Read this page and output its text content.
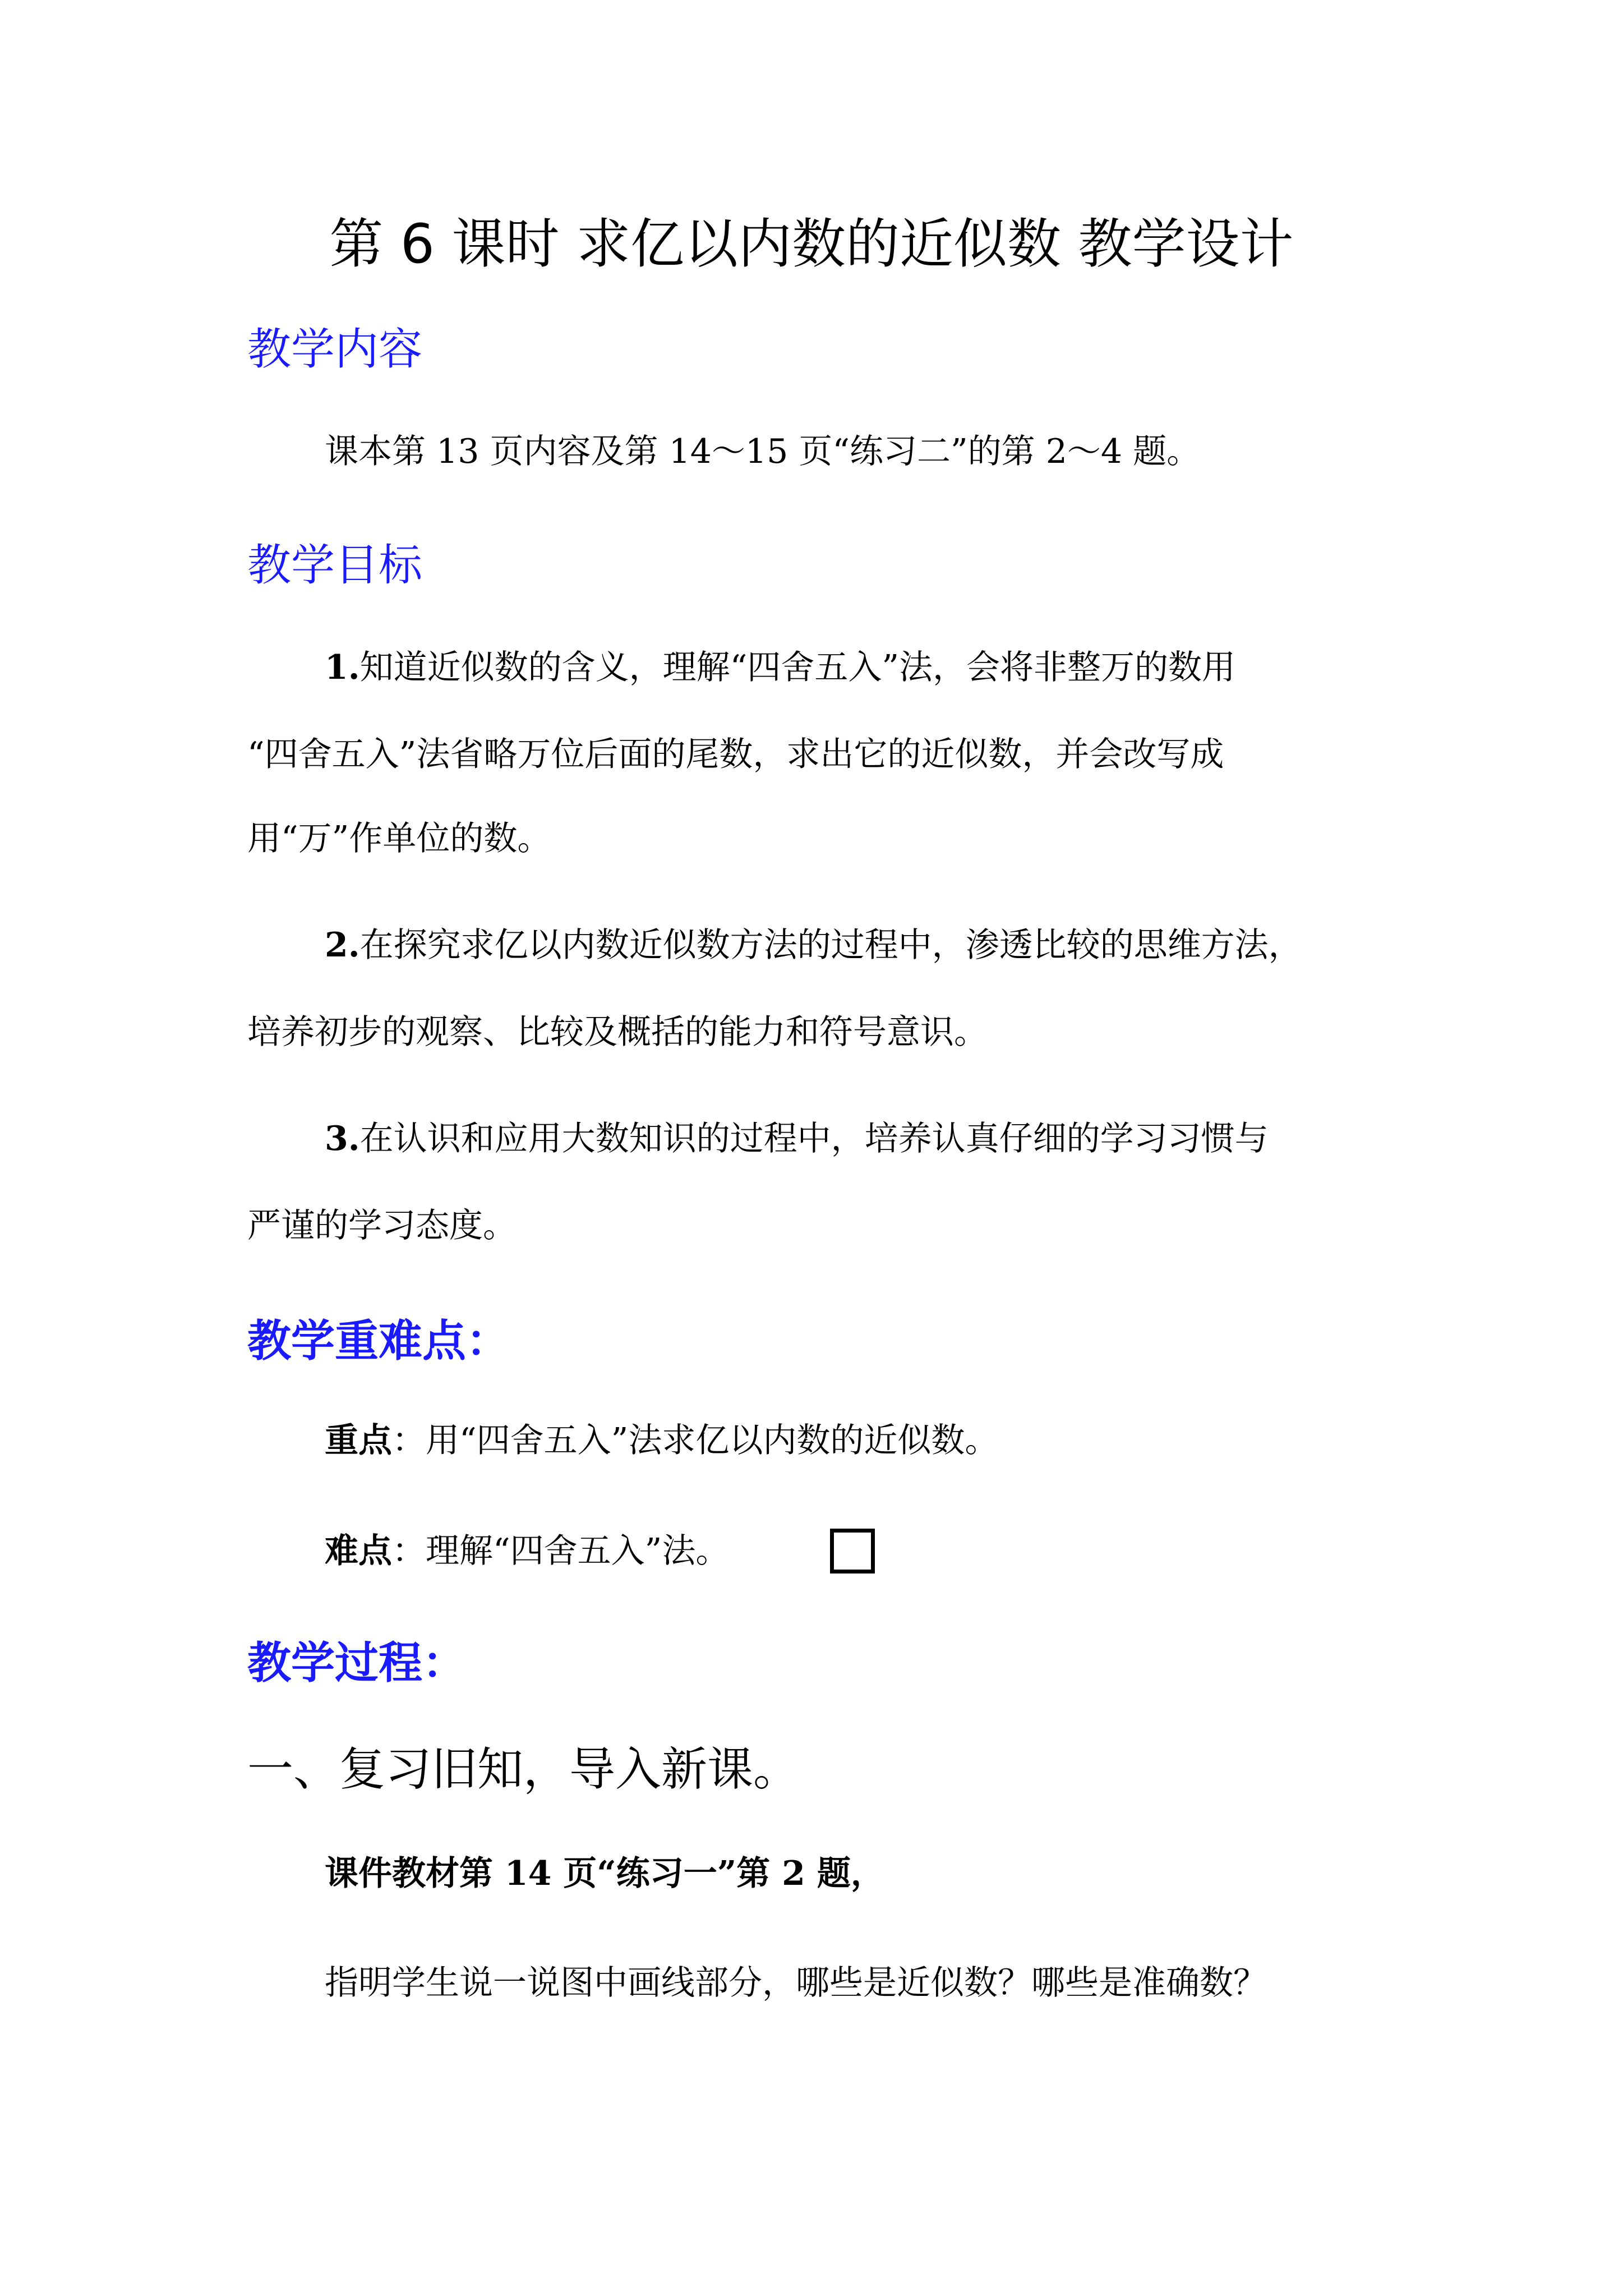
第 6 课时 求亿以内数的近似数 教学设计
教学内容
课本第 13 页内容及第 14～15 页“练习二”的第 2～4 题。
教学目标
1.知道近似数的含义，理解“四舍五入”法，会将非整万的数用
“四舍五入”法省略万位后面的尾数，求出它的近似数，并会改写成
用“万”作单位的数。
2.在探究求亿以内数近似数方法的过程中，渗透比较的思维方法，
培养初步的观察、比较及概括的能力和符号意识。
3.在认识和应用大数知识的过程中，培养认真仔细的学习习惯与
严谨的学习态度。
教学重难点：
重点：用“四舍五入”法求亿以内数的近似数。
难点：理解“四舍五入”法。
教学过程：
一、复习旧知，导入新课。
课件教材第 14 页“练习一”第 2 题，
指明学生说一说图中画线部分，哪些是近似数？哪些是准确数？
